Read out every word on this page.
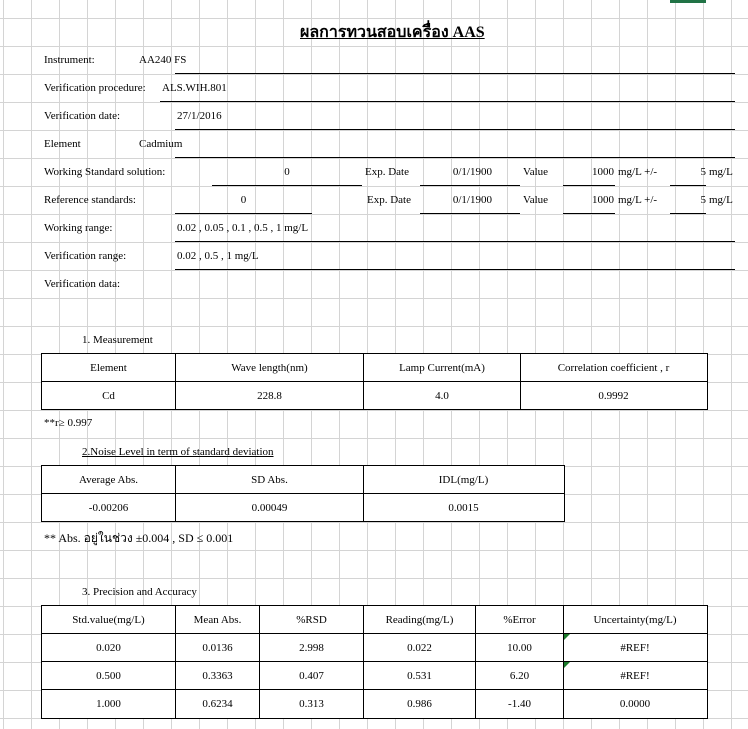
ผลการทวนสอบเครื่อง AAS
Instrument:	AA240 FS
Verification procedure: ALS.WIH.801
Verification date:	27/1/2016
Element	Cadmium
Working Standard solution:	0	Exp. Date	0/1/1900	Value	1000 mg/L +/-	5 mg/L
Reference standards:	0	Exp. Date	0/1/1900	Value	1000 mg/L +/-	5 mg/L
Working range:	0.02 , 0.05 , 0.1 , 0.5 , 1 mg/L
Verification range:	0.02 , 0.5 , 1 mg/L
Verification data:
1. Measurement
Element	Wave length(nm)	Lamp Current(mA)	Correlation coefficient , r
Cd	228.8	4.0	0.9992
**r≥ 0.997
2.Noise Level in term of standard deviation
Average Abs.	SD Abs.	IDL(mg/L)
-0.00206	0.00049	0.0015
** Abs. อยู่ในช่วง ±0.004 , SD ≤ 0.001
3. Precision and Accuracy
Std.value(mg/L)	Mean Abs.	%RSD	Reading(mg/L)	%Error	Uncertainty(mg/L)
0.020	0.0136	2.998	0.022	10.00	#REF!
0.500	0.3363	0.407	0.531	6.20	#REF!
1.000	0.6234	0.313	0.986	-1.40	0.0000
